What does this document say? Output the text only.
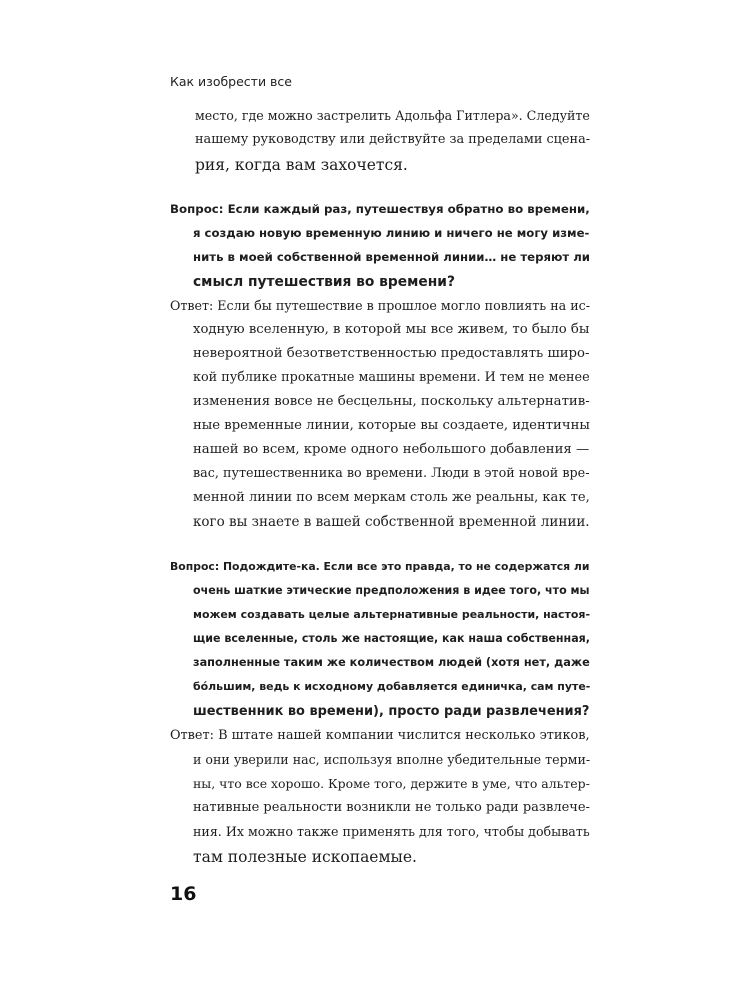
Как изобрести все
место, где можно застрелить Адольфа Гитлера». Следуйте
нашему руководству или действуйте за пределами сцена-
рия, когда вам захочется.
Вопрос: Если каждый раз, путешествуя обратно во времени,
я создаю новую временную линию и ничего не могу изме-
нить в моей собственной временной линии… не теряют ли
смысл путешествия во времени?
Ответ: Если бы путешествие в прошлое могло повлиять на ис-
ходную вселенную, в которой мы все живем, то было бы
невероятной безответственностью предоставлять широ-
кой публике прокатные машины времени. И тем не менее
изменения вовсе не бесцельны, поскольку альтернатив-
ные временные линии, которые вы создаете, идентичны
нашей во всем, кроме одного небольшого добавления —
вас, путешественника во времени. Люди в этой новой вре-
менной линии по всем меркам столь же реальны, как те,
кого вы знаете в вашей собственной временной линии.
Вопрос: Подождите-ка. Если все это правда, то не содержатся ли
очень шаткие этические предположения в идее того, что мы
можем создавать целые альтернативные реальности, настоя-
щие вселенные, столь же настоящие, как наша собственная,
заполненные таким же количеством людей (хотя нет, даже
бóльшим, ведь к исходному добавляется единичка, сам путе-
шественник во времени), просто ради развлечения?
Ответ: В штате нашей компании числится несколько этиков,
и они уверили нас, используя вполне убедительные терми-
ны, что все хорошо. Кроме того, держите в уме, что альтер-
нативные реальности возникли не только ради развлече-
ния. Их можно также применять для того, чтобы добывать
там полезные ископаемые.
16
